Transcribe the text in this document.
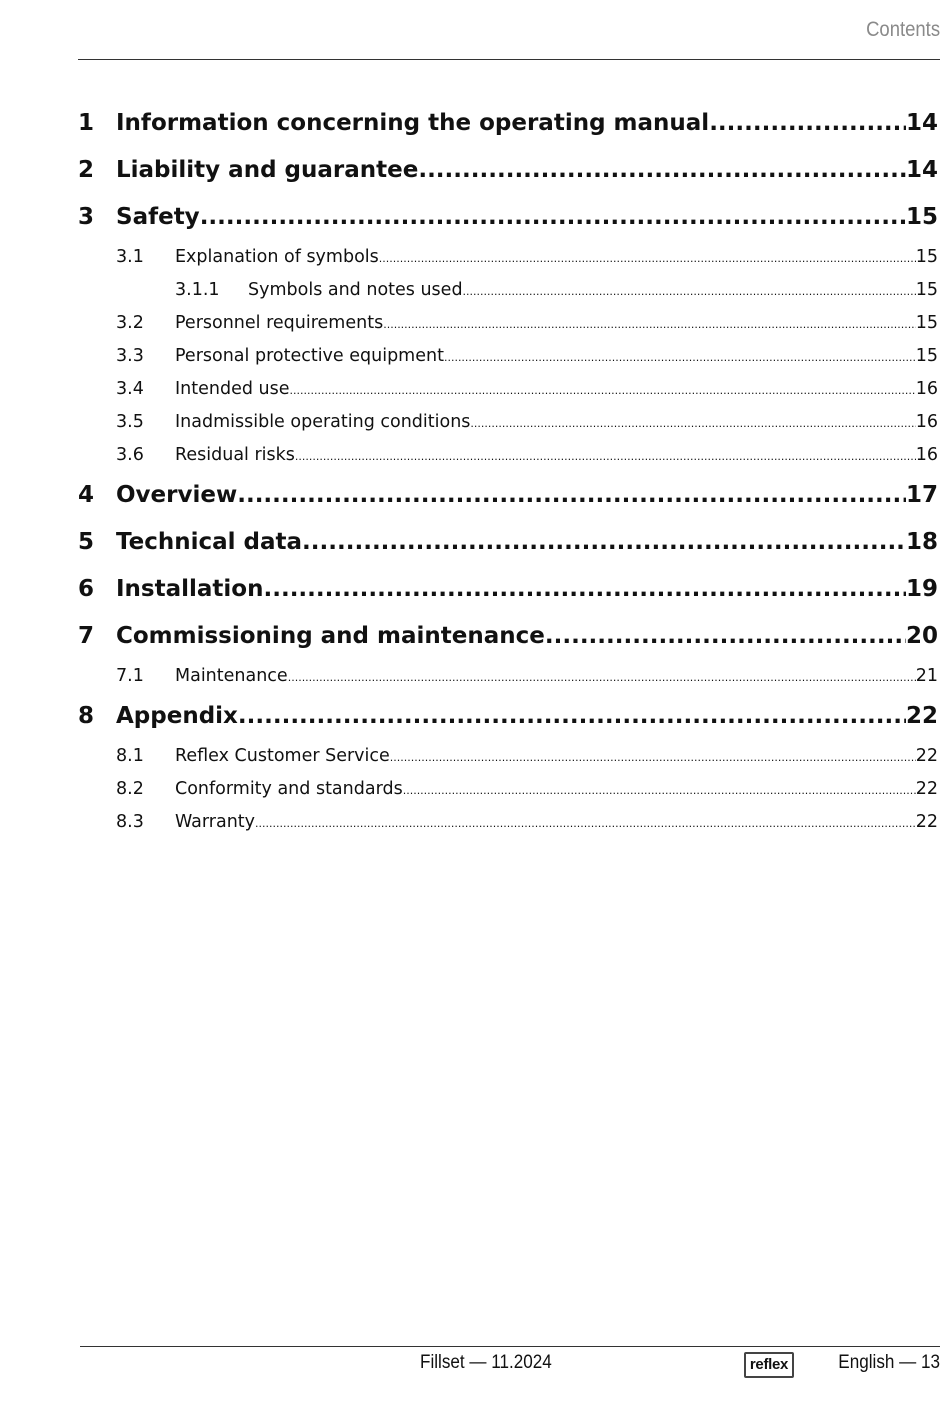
Contents
1 Information concerning the operating manual .....	14
2 Liability and guarantee .....	14
3 Safety .....	15
3.1	Explanation of symbols .....	15
3.1.1	Symbols and notes used .....	15
3.2	Personnel requirements .....	15
3.3	Personal protective equipment .....	15
3.4	Intended use .....	16
3.5	Inadmissible operating conditions .....	16
3.6	Residual risks .....	16
4 Overview .....	17
5 Technical data .....	18
6 Installation .....	19
7 Commissioning and maintenance .....	20
7.1	Maintenance .....	21
8 Appendix .....	22
8.1	Reflex Customer Service .....	22
8.2	Conformity and standards .....	22
8.3	Warranty .....	22
Fillset — 11.2024	reflex	English — 13
